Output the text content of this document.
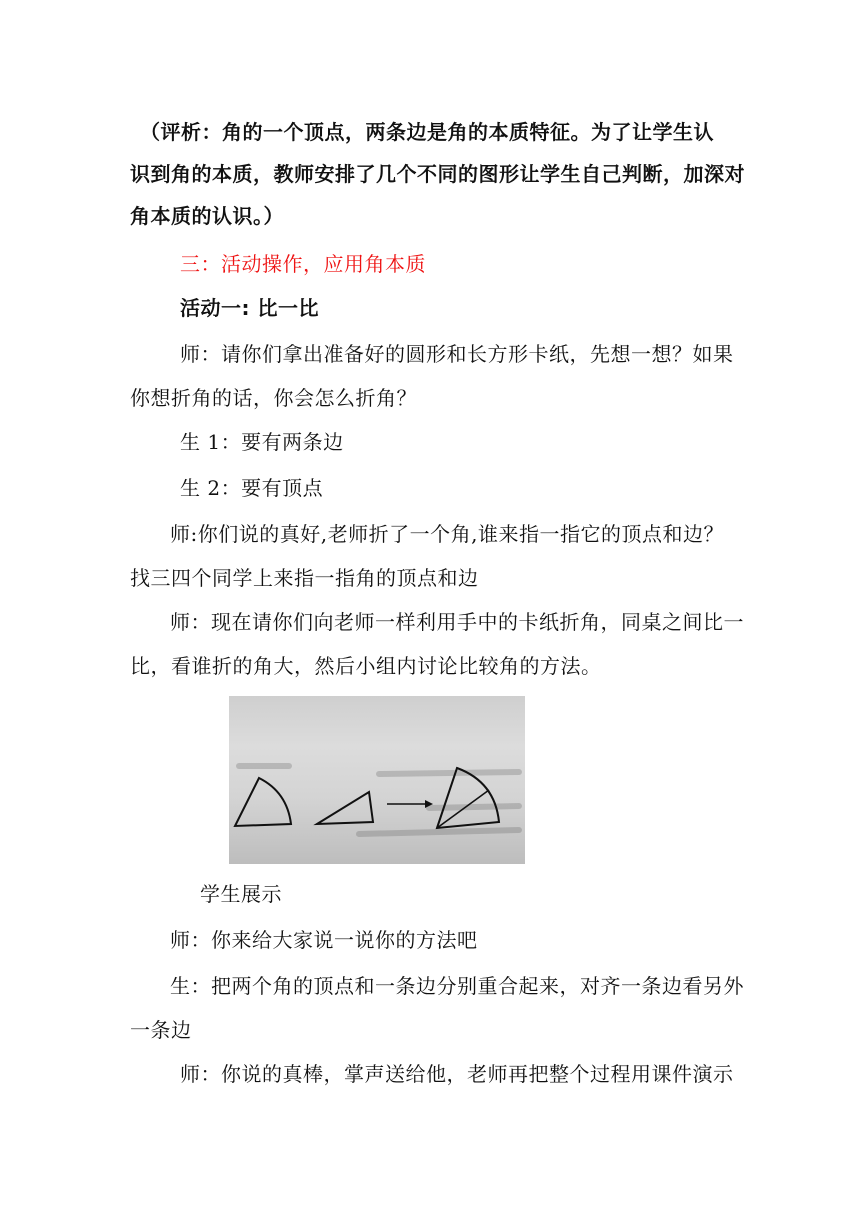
（评析：角的一个顶点，两条边是角的本质特征。为了让学生认
识到角的本质，教师安排了几个不同的图形让学生自己判断，加深对
角本质的认识。）
三：活动操作，应用角本质
活动一: 比一比
师：请你们拿出准备好的圆形和长方形卡纸，先想一想？如果
你想折角的话，你会怎么折角？
生 1：要有两条边
生 2：要有顶点
师:你们说的真好,老师折了一个角,谁来指一指它的顶点和边？
找三四个同学上来指一指角的顶点和边
师：现在请你们向老师一样利用手中的卡纸折角，同桌之间比一
比，看谁折的角大，然后小组内讨论比较角的方法。
学生展示
师：你来给大家说一说你的方法吧
生：把两个角的顶点和一条边分别重合起来，对齐一条边看另外
一条边
师：你说的真棒，掌声送给他，老师再把整个过程用课件演示
